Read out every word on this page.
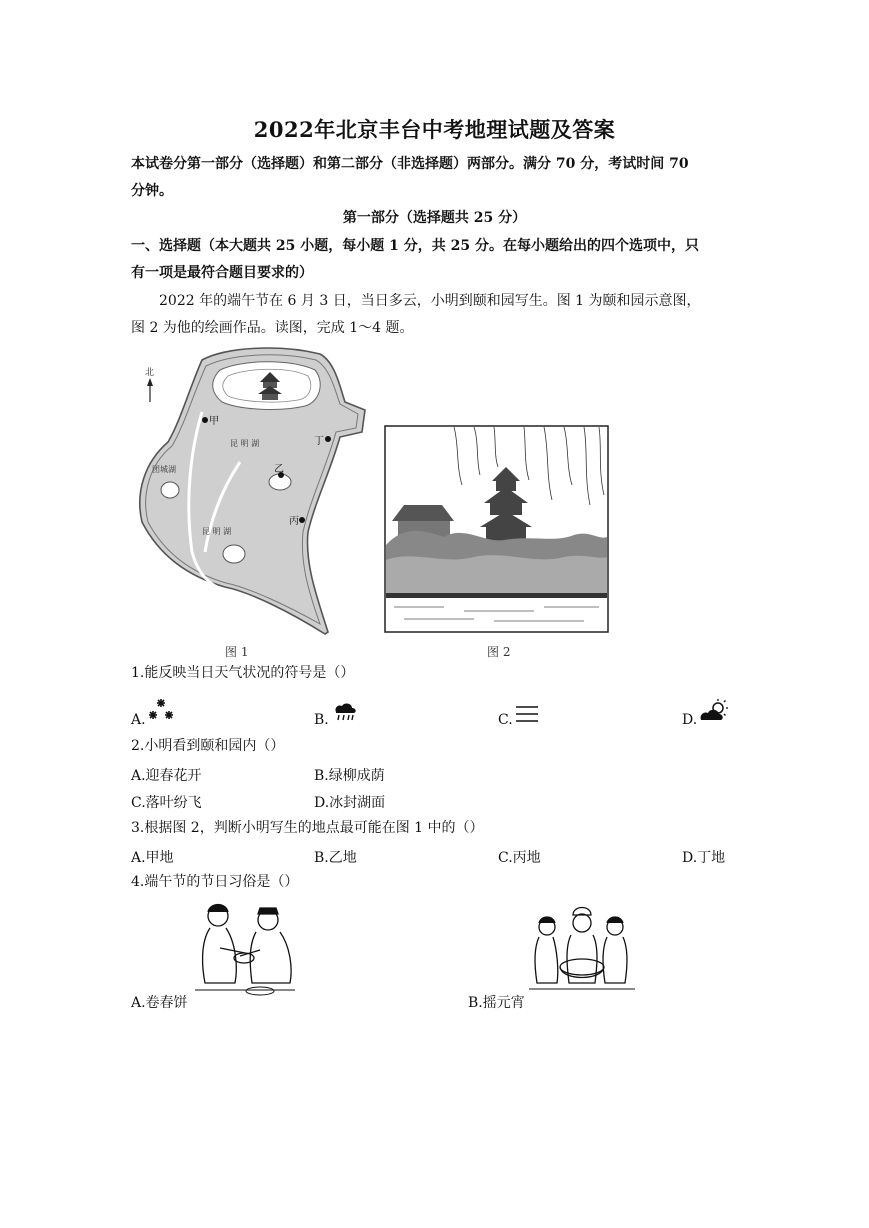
2022年北京丰台中考地理试题及答案
本试卷分第一部分（选择题）和第二部分（非选择题）两部分。满分 70 分，考试时间 70
分钟。
第一部分（选择题共 25 分）
一、选择题（本大题共 25 小题，每小题 1 分，共 25 分。在每小题给出的四个选项中，只
有一项是最符合题目要求的）
2022 年的端午节在 6 月 3 日，当日多云，小明到颐和园写生。图 1 为颐和园示意图，
图 2 为他的绘画作品。读图，完成 1～4 题。
北
甲
乙
丙
丁
昆 明 湖
团城湖
昆 明 湖
图 1	图 2
1.能反映当日天气状况的符号是（）
A.	B.	C.	D.
2.小明看到颐和园内（）
A.迎春花开	B.绿柳成荫
C.落叶纷飞	D.冰封湖面
3.根据图 2，判断小明写生的地点最可能在图 1 中的（）
A.甲地	B.乙地	C.丙地	D.丁地
4.端午节的节日习俗是（）
A.卷春饼	B.摇元宵
